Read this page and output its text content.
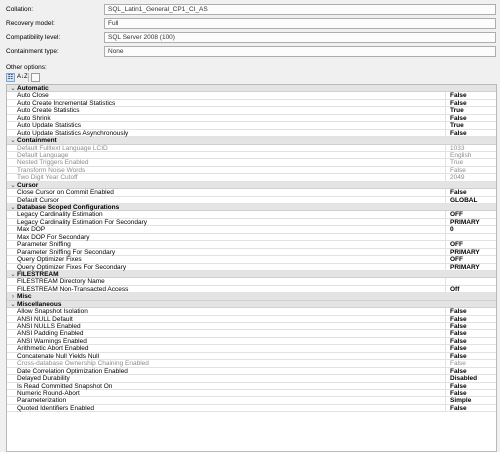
Collation:	SQL_Latin1_General_CP1_CI_AS
Recovery model:	Full
Compatibility level:	SQL Server 2008 (100)
Containment type:	None
Other options:
☷ A↓Z
⌄ Automatic
Auto Close	False
Auto Create Incremental Statistics	False
Auto Create Statistics	True
Auto Shrink	False
Auto Update Statistics	True
Auto Update Statistics Asynchronously	False
⌄ Containment
Default Fulltext Language LCID	1033
Default Language	English
Nested Triggers Enabled	True
Transform Noise Words	False
Two Digit Year Cutoff	2049
⌄ Cursor
Close Cursor on Commit Enabled	False
Default Cursor	GLOBAL
⌄ Database Scoped Configurations
Legacy Cardinality Estimation	OFF
Legacy Cardinality Estimation For Secondary	PRIMARY
Max DOP	0
Max DOP For Secondary
Parameter Sniffing	OFF
Parameter Sniffing For Secondary	PRIMARY
Query Optimizer Fixes	OFF
Query Optimizer Fixes For Secondary	PRIMARY
⌄ FILESTREAM
FILESTREAM Directory Name
FILESTREAM Non-Transacted Access	Off
› Misc
⌄ Miscellaneous
Allow Snapshot Isolation	False
ANSI NULL Default	False
ANSI NULLS Enabled	False
ANSI Padding Enabled	False
ANSI Warnings Enabled	False
Arithmetic Abort Enabled	False
Concatenate Null Yields Null	False
Cross-database Ownership Chaining Enabled	False
Date Correlation Optimization Enabled	False
Delayed Durability	Disabled
Is Read Committed Snapshot On	False
Numeric Round-Abort	False
Parameterization	Simple
Quoted Identifiers Enabled	False
